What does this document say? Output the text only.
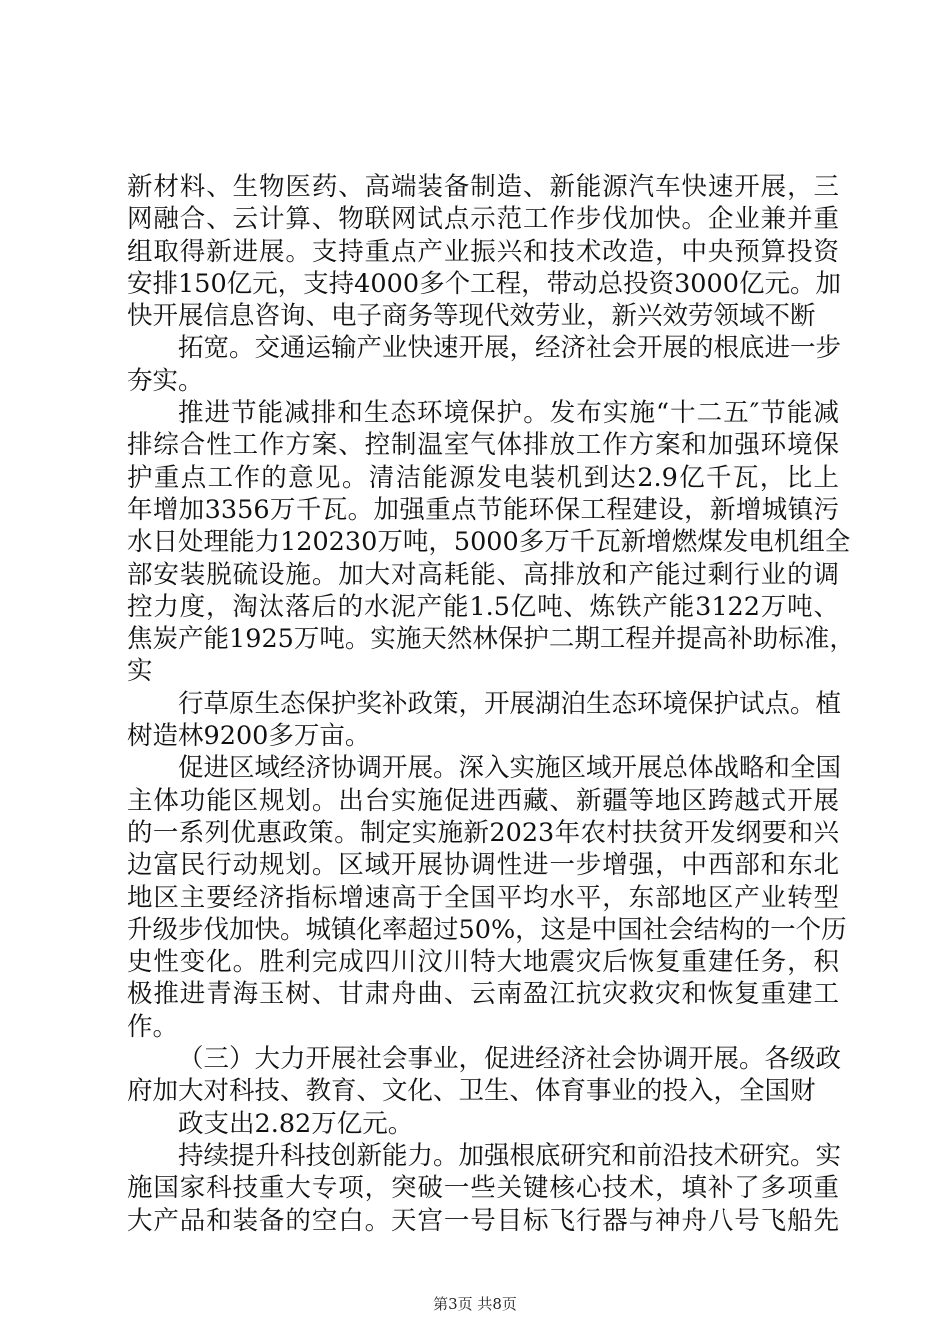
新材料、生物医药、高端装备制造、新能源汽车快速开展，三
网融合、云计算、物联网试点示范工作步伐加快。企业兼并重
组取得新进展。支持重点产业振兴和技术改造，中央预算投资
安排150亿元，支持4000多个工程，带动总投资3000亿元。加
快开展信息咨询、电子商务等现代效劳业，新兴效劳领域不断
拓宽。交通运输产业快速开展，经济社会开展的根底进一步
夯实。
推进节能减排和生态环境保护。发布实施“十二五″节能减
排综合性工作方案、控制温室气体排放工作方案和加强环境保
护重点工作的意见。清洁能源发电装机到达2.9亿千瓦，比上
年增加3356万千瓦。加强重点节能环保工程建设，新增城镇污
水日处理能力120230万吨，5000多万千瓦新增燃煤发电机组全
部安装脱硫设施。加大对高耗能、高排放和产能过剩行业的调
控力度，淘汰落后的水泥产能1.5亿吨、炼铁产能3122万吨、
焦炭产能1925万吨。实施天然林保护二期工程并提高补助标准，
实
行草原生态保护奖补政策，开展湖泊生态环境保护试点。植
树造林9200多万亩。
促进区域经济协调开展。深入实施区域开展总体战略和全国
主体功能区规划。出台实施促进西藏、新疆等地区跨越式开展
的一系列优惠政策。制定实施新2023年农村扶贫开发纲要和兴
边富民行动规划。区域开展协调性进一步增强，中西部和东北
地区主要经济指标增速高于全国平均水平，东部地区产业转型
升级步伐加快。城镇化率超过50%，这是中国社会结构的一个历
史性变化。胜利完成四川汶川特大地震灾后恢复重建任务，积
极推进青海玉树、甘肃舟曲、云南盈江抗灾救灾和恢复重建工
作。
（三）大力开展社会事业，促进经济社会协调开展。各级政
府加大对科技、教育、文化、卫生、体育事业的投入，全国财
政支出2.82万亿元。
持续提升科技创新能力。加强根底研究和前沿技术研究。实
施国家科技重大专项，突破一些关键核心技术，填补了多项重
大产品和装备的空白。天宫一号目标飞行器与神舟八号飞船先
第3页 共8页
